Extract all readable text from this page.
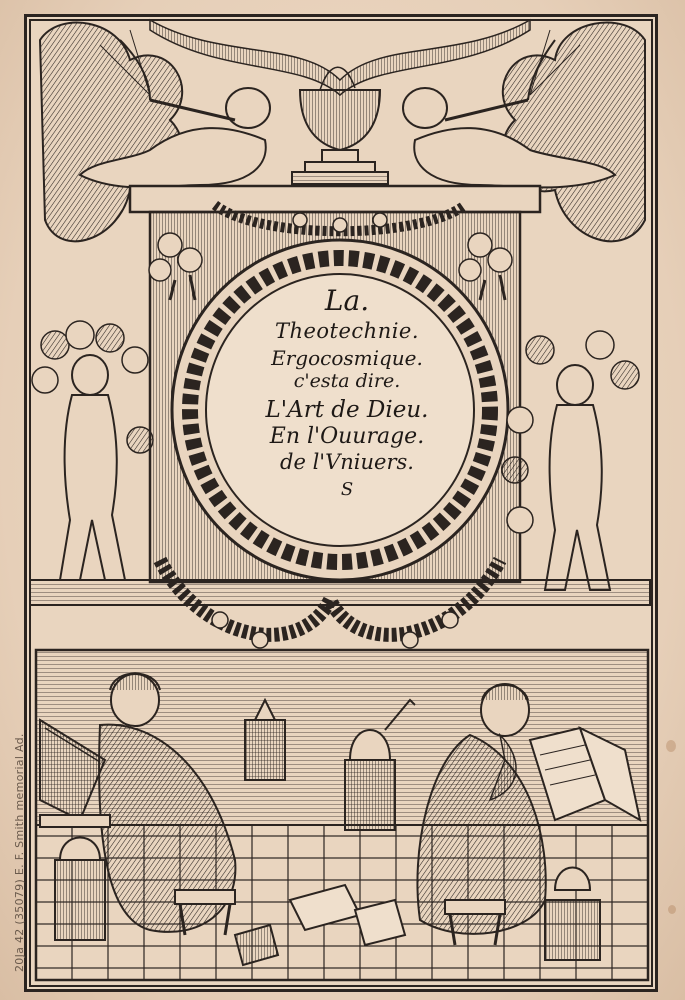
La.
Theotechnie.
Ergocosmique.
c'esta dire.
L'Art de Dieu.
En l'Ouurage.
de l'Vniuers.
S
20Ja 42 (35079) E. F. Smith memorial Ad.
